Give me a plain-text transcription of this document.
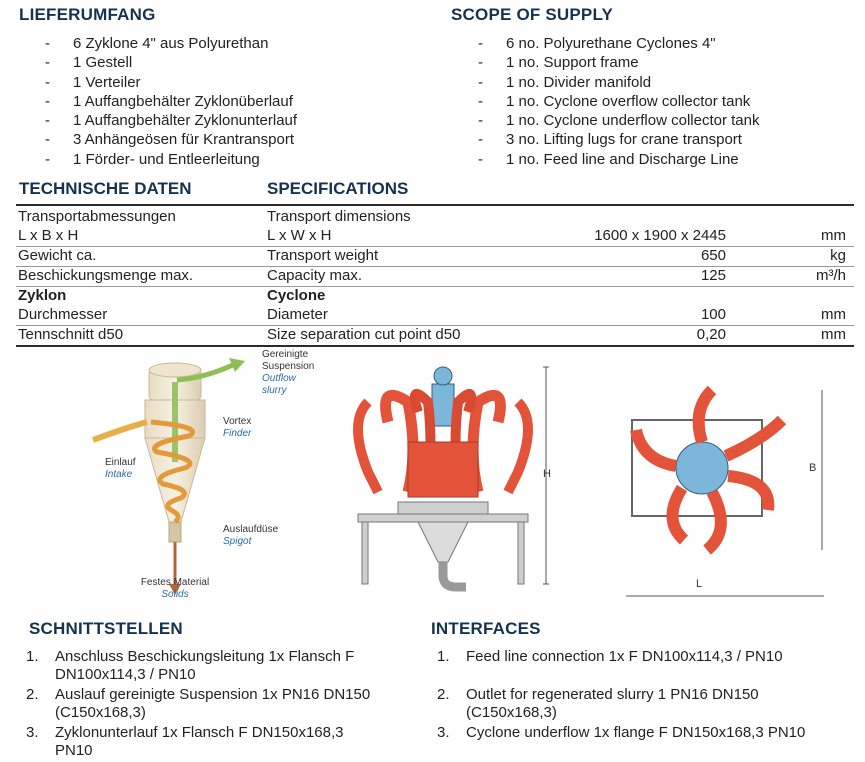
LIEFERUMFANG	SCOPE OF SUPPLY
- 6 Zyklone 4" aus Polyurethan
- 1 Gestell
- 1 Verteiler
- 1 Auffangbehälter Zyklonüberlauf
- 1 Auffangbehälter Zyklonunterlauf
- 3 Anhängeösen für Krantransport
- 1 Förder- und Entleerleitung
- 6 no. Polyurethane Cyclones 4"
- 1 no. Support frame
- 1 no. Divider manifold
- 1 no. Cyclone overflow collector tank
- 1 no. Cyclone underflow collector tank
- 3 no. Lifting lugs for crane transport
- 1 no. Feed line and Discharge Line
TECHNISCHE DATEN	SPECIFICATIONS
Transportabmessungen	Transport dimensions
L x B x H	L x W x H	1600 x 1900 x 2445	mm
Gewicht ca.	Transport weight	650	kg
Beschickungsmenge max.	Capacity max.	125	m³/h
Zyklon	Cyclone
Durchmesser	Diameter	100	mm
Tennschnitt d50	Size separation cut point d50	0,20	mm
Gereinigte
Suspension
Outflow
slurry
Vortex
Finder
Einlauf
Intake
Auslaufdüse
Spigot
Festes Material
Solids
H	B
L
SCHNITTSTELLEN	INTERFACES
1. Anschluss Beschickungsleitung 1x Flansch F
DN100x114,3 / PN10
2. Auslauf gereinigte Suspension 1x PN16 DN150
(C150x168,3)
3. Zyklonunterlauf 1x Flansch F DN150x168,3
PN10
1. Feed line connection 1x F DN100x114,3 / PN10
2. Outlet for regenerated slurry 1 PN16 DN150
(C150x168,3)
3. Cyclone underflow 1x flange F DN150x168,3 PN10
